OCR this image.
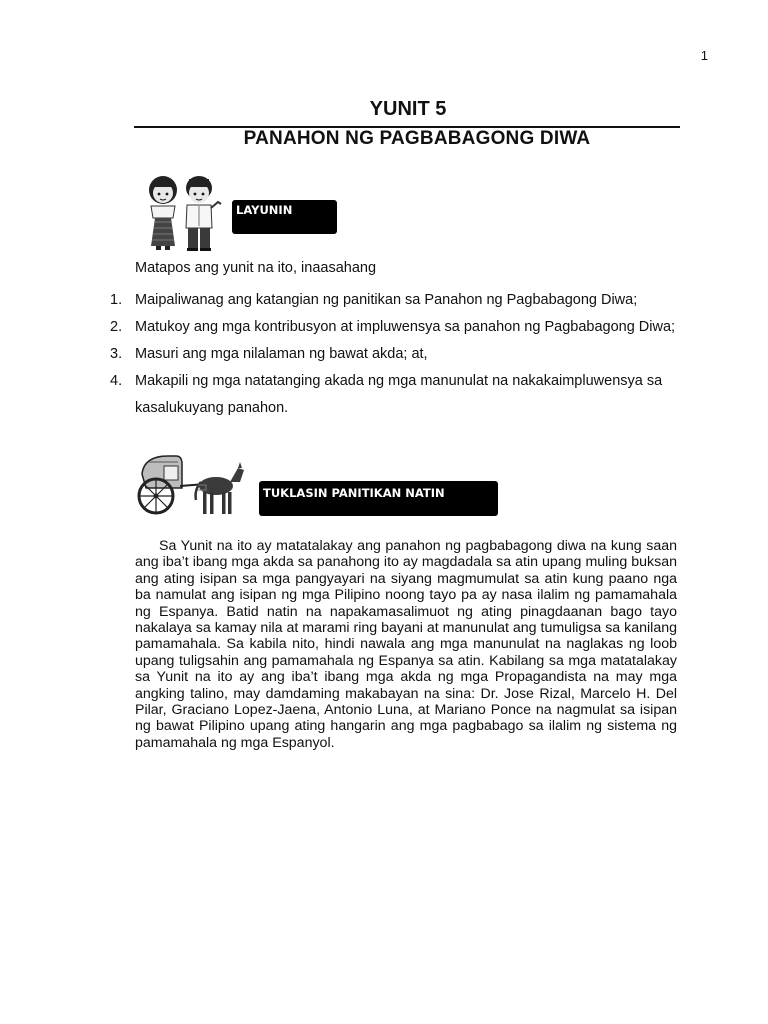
1
YUNIT 5
PANAHON NG PAGBABAGONG DIWA
LAYUNIN
Matapos ang yunit na ito, inaasahang
1. Maipaliwanag ang katangian ng panitikan sa Panahon ng Pagbabagong Diwa;
2. Matukoy ang mga kontribusyon at impluwensya sa panahon ng Pagbabagong Diwa;
3. Masuri ang mga nilalaman ng bawat akda; at,
4. Makapili ng mga natatanging akada ng mga manunulat na nakakaimpluwensya sa kasalukuyang panahon.
TUKLASIN PANITIKAN NATIN

Sa Yunit na ito ay matatalakay ang panahon ng pagbabagong diwa na kung saan ang iba’t ibang mga akda sa panahong ito ay magdadala sa atin upang muling buksan ang ating isipan sa mga pangyayari na siyang magmumulat sa atin kung paano nga ba namulat ang isipan ng mga Pilipino noong tayo pa ay nasa ilalim ng pamamahala ng Espanya. Batid natin na napakamasalimuot ng ating pinagdaanan bago tayo nakalaya sa kamay nila at marami ring bayani at manunulat ang tumuligsa sa kanilang pamamahala. Sa kabila nito, hindi nawala ang mga manunulat na naglakas ng loob upang tuligsahin ang pamamahala ng Espanya sa atin. Kabilang sa mga matatalakay sa Yunit na ito ay ang iba’t ibang mga akda ng mga Propagandista na may mga angking talino, may damdaming makabayan na sina: Dr. Jose Rizal, Marcelo H. Del Pilar, Graciano Lopez-Jaena, Antonio Luna, at Mariano Ponce na nagmulat sa isipan ng bawat Pilipino upang ating hangarin ang mga pagbabago sa ilalim ng sistema ng pamamahala ng mga Espanyol.
